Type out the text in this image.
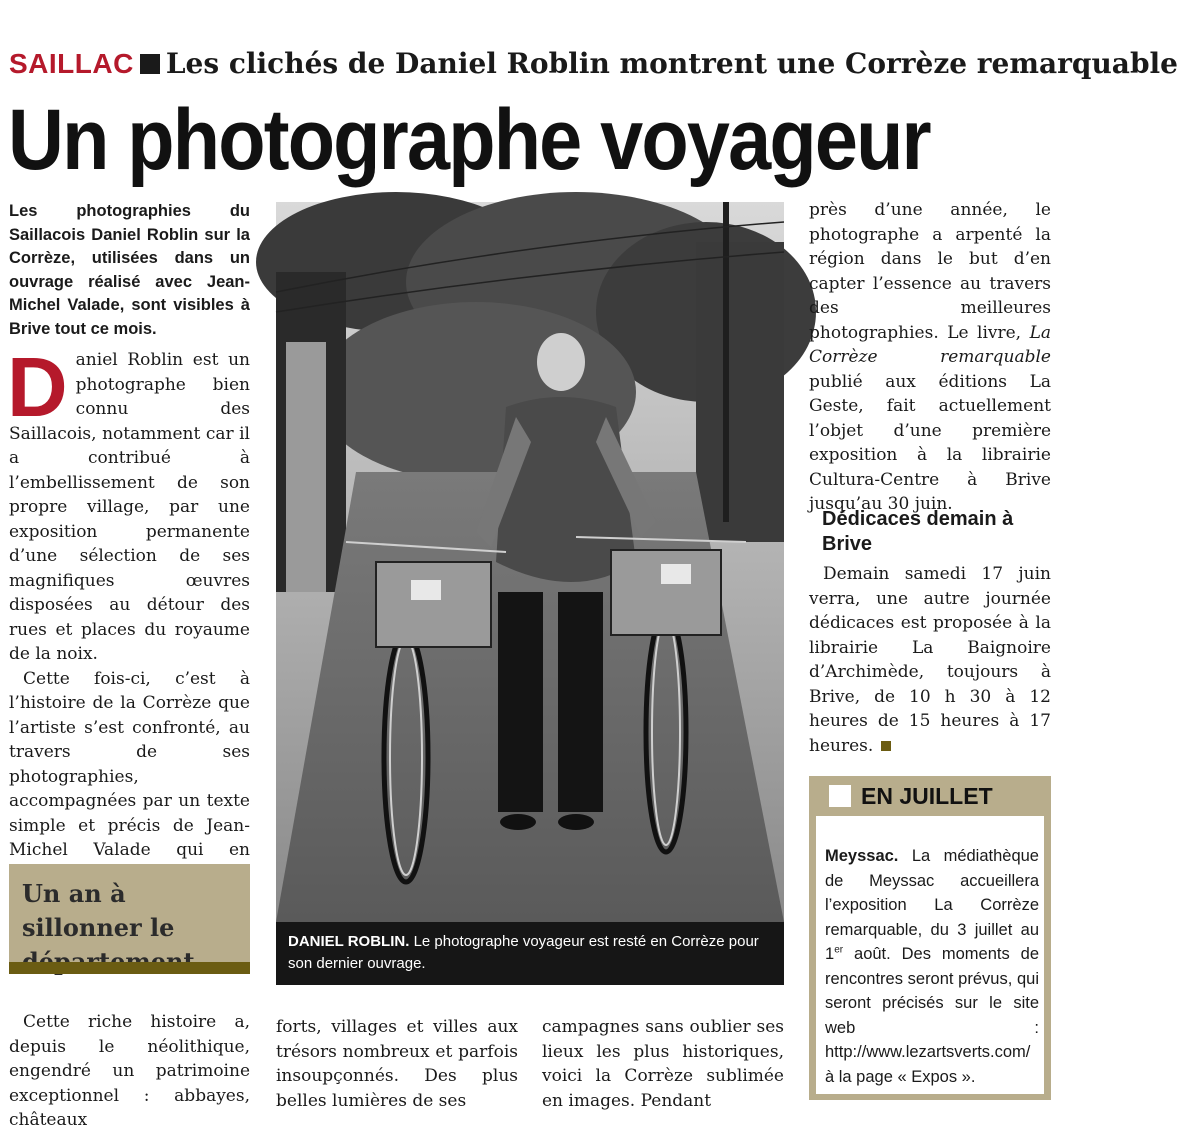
SAILLAC Les clichés de Daniel Roblin montrent une Corrèze remarquable
Un photographe voyageur
Les photographies du Saillacois Daniel Roblin sur la Corrèze, utilisées dans un ouvrage réalisé avec Jean-Michel Valade, sont visibles à Brive tout ce mois.

Daniel Roblin est un photographe bien connu des Saillacois, notamment car il a contribué à l’embellissement de son propre village, par une exposition permanente d’une sélection de ses magnifiques œuvres disposées au détour des rues et places du royaume de la noix.

Cette fois-ci, c’est à l’histoire de la Corrèze que l’artiste s’est confronté, au travers de ses photographies, accompagnées par un texte simple et précis de Jean-Michel Valade qui en

Un an à sillonner le

Cette riche histoire a, depuis le néolithique, engendré un patrimoine exceptionnel : abbayes, châteaux

forts, villages et villes aux trésors nombreux et parfois insoupçonnés. Des plus belles lumières de ses

campagnes sans oublier ses lieux les plus historiques, voici la Corrèze sublimée en images. Pendant

DANIEL ROBLIN. Le photographe voyageur est resté en Corrèze pour son dernier ouvrage.

près d’une année, le photographe a arpenté la région dans le but d’en capter l’essence au travers des meilleures photographies. Le livre, La Corrèze remarquable publié aux éditions La Geste, fait actuellement l’objet d’une première exposition à la librairie Cultura-Centre à Brive jusqu’au 30 juin.

Dédicaces demain à Brive

Demain samedi 17 juin verra, une autre journée dédicaces est proposée à la librairie La Baignoire d’Archimède, toujours à Brive, de 10 h 30 à 12 heures de 15 heures à 17 heures.

EN JUILLET
Meyssac. La médiathèque de Meyssac accueillera l’exposition La Corrèze remarquable, du 3 juillet au 1er août. Des moments de rencontres seront prévus, qui seront précisés sur le site web : http://www.lezartsverts.com/à la page « Expos ».
